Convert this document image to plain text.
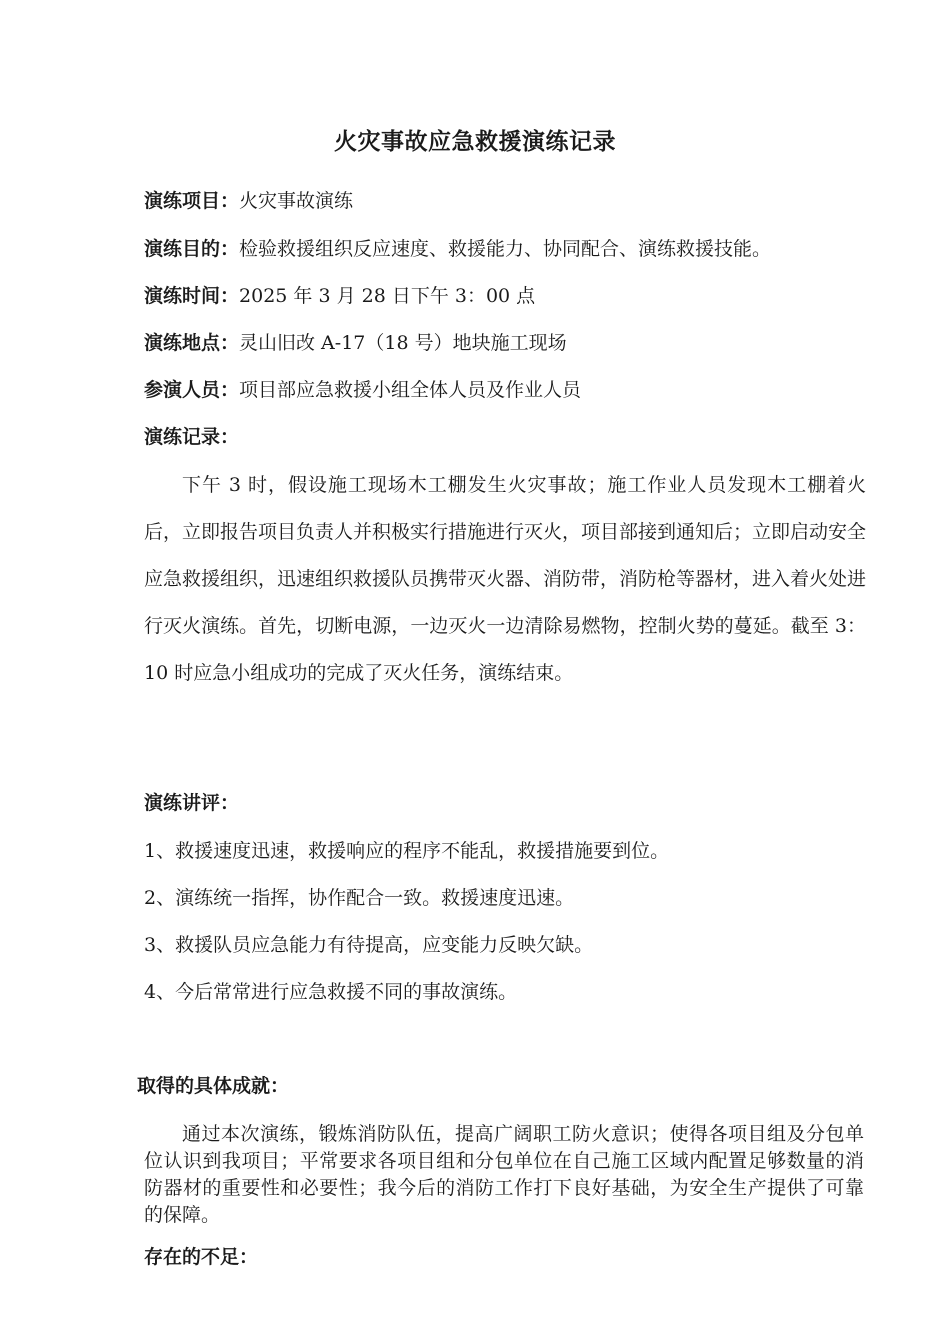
火灾事故应急救援演练记录
演练项目：火灾事故演练
演练目的：检验救援组织反应速度、救援能力、协同配合、演练救援技能。
演练时间：2025 年 3 月 28 日下午 3：00 点
演练地点：灵山旧改 A-17（18 号）地块施工现场
参演人员：项目部应急救援小组全体人员及作业人员
演练记录：
下午 3 时，假设施工现场木工棚发生火灾事故；施工作业人员发现木工棚着火后，立即报告项目负责人并积极实行措施进行灭火，项目部接到通知后；立即启动安全应急救援组织，迅速组织救援队员携带灭火器、消防带，消防枪等器材，进入着火处进行灭火演练。首先，切断电源，一边灭火一边清除易燃物，控制火势的蔓延。截至 3：10 时应急小组成功的完成了灭火任务，演练结束。
演练讲评：
1、救援速度迅速，救援响应的程序不能乱，救援措施要到位。
2、演练统一指挥，协作配合一致。救援速度迅速。
3、救援队员应急能力有待提高，应变能力反映欠缺。
4、今后常常进行应急救援不同的事故演练。
取得的具体成就：
通过本次演练，锻炼消防队伍，提高广阔职工防火意识；使得各项目组及分包单位认识到我项目；平常要求各项目组和分包单位在自己施工区域内配置足够数量的消防器材的重要性和必要性；我今后的消防工作打下良好基础，为安全生产提供了可靠的保障。
存在的不足：
